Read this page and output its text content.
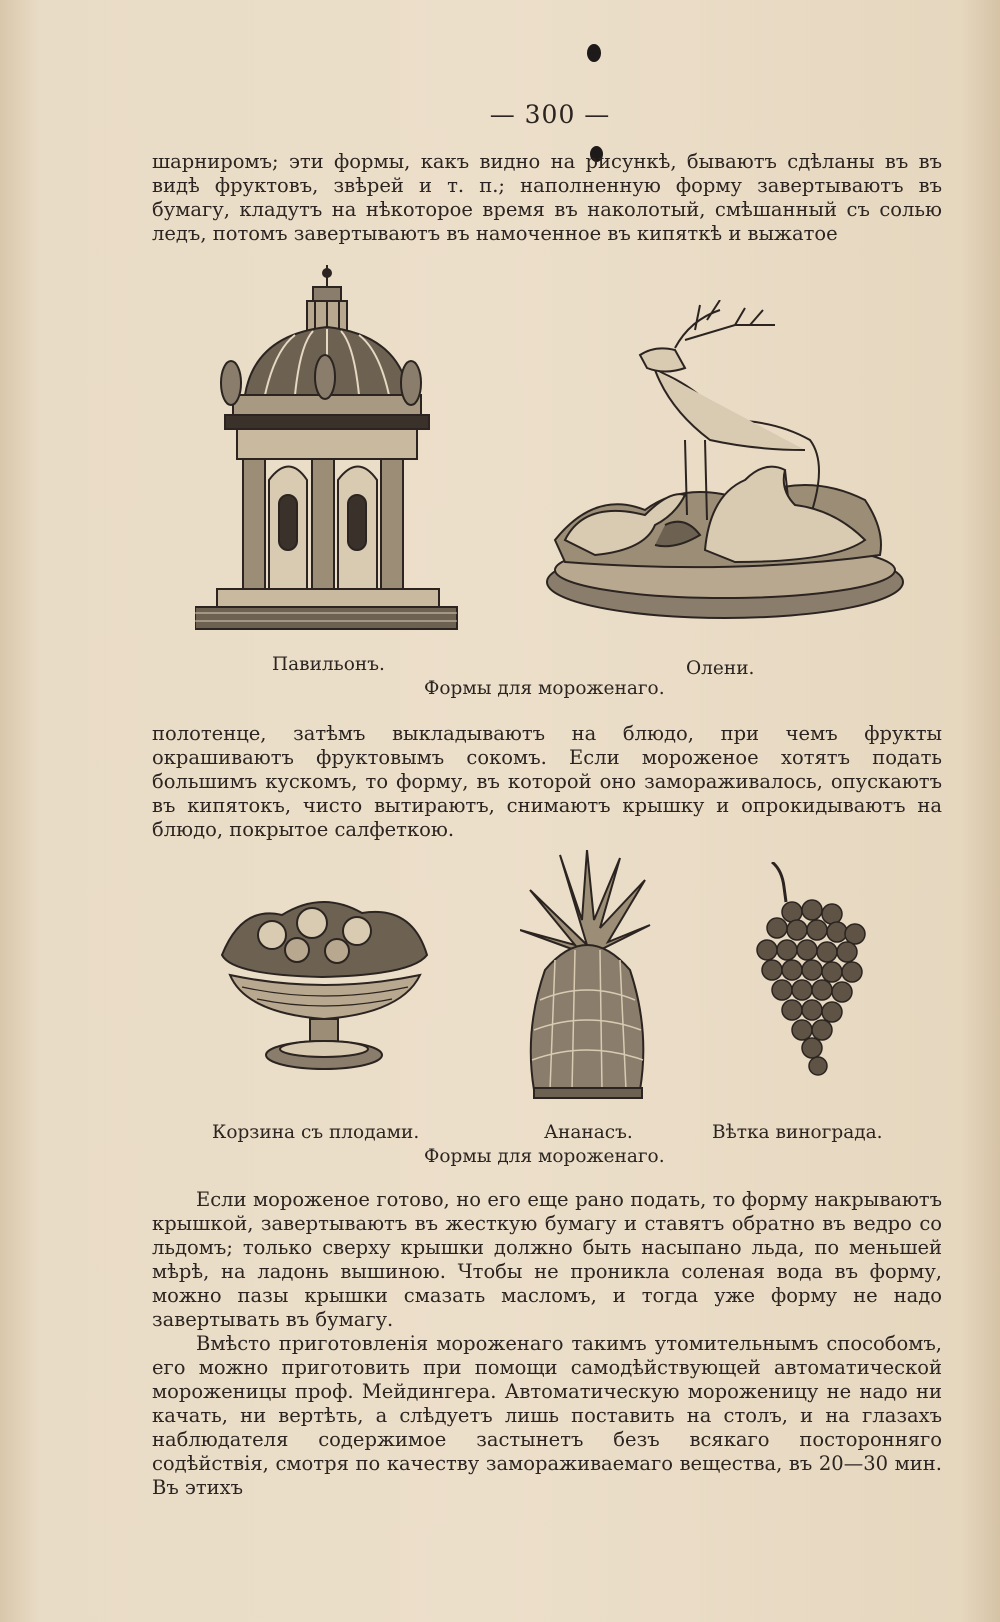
— 300 —

шарниромъ; эти формы, какъ видно на рисункѣ, бываютъ сдѣланы въ въ видѣ фруктовъ, звѣрей и т. п.; наполненную форму завертываютъ въ бумагу, кладутъ на нѣкоторое время въ наколотый, смѣшанный съ солью ледъ, потомъ завертываютъ въ намоченное въ кипяткѣ и выжатое

Павильонъ.	Олени.
Формы для мороженаго.

полотенце, затѣмъ выкладываютъ на блюдо, при чемъ фрукты окрашиваютъ фруктовымъ сокомъ. Если мороженое хотятъ подать большимъ кускомъ, то форму, въ которой оно замораживалось, опускаютъ въ кипятокъ, чисто вытираютъ, снимаютъ крышку и опрокидываютъ на блюдо, покрытое салфеткою.

Корзина съ плодами.	Ананасъ.	Вѣтка винограда.
Формы для мороженаго.

Если мороженое готово, но его еще рано подать, то форму накрываютъ крышкой, завертываютъ въ жесткую бумагу и ставятъ обратно въ ведро со льдомъ; только сверху крышки должно быть насыпано льда, по меньшей мѣрѣ, на ладонь вышиною. Чтобы не проникла соленая вода въ форму, можно пазы крышки смазать масломъ, и тогда уже форму не надо завертывать въ бумагу.

Вмѣсто приготовленія мороженаго такимъ утомительнымъ способомъ, его можно приготовить при помощи самодѣйствующей автоматической мороженицы проф. Мейдингера. Автоматическую мороженицу не надо ни качать, ни вертѣть, а слѣдуетъ лишь поставить на столъ, и на глазахъ наблюдателя содержимое застынетъ безъ всякаго посторонняго содѣйствія, смотря по качеству замораживаемаго вещества, въ 20—30 мин. Въ этихъ
